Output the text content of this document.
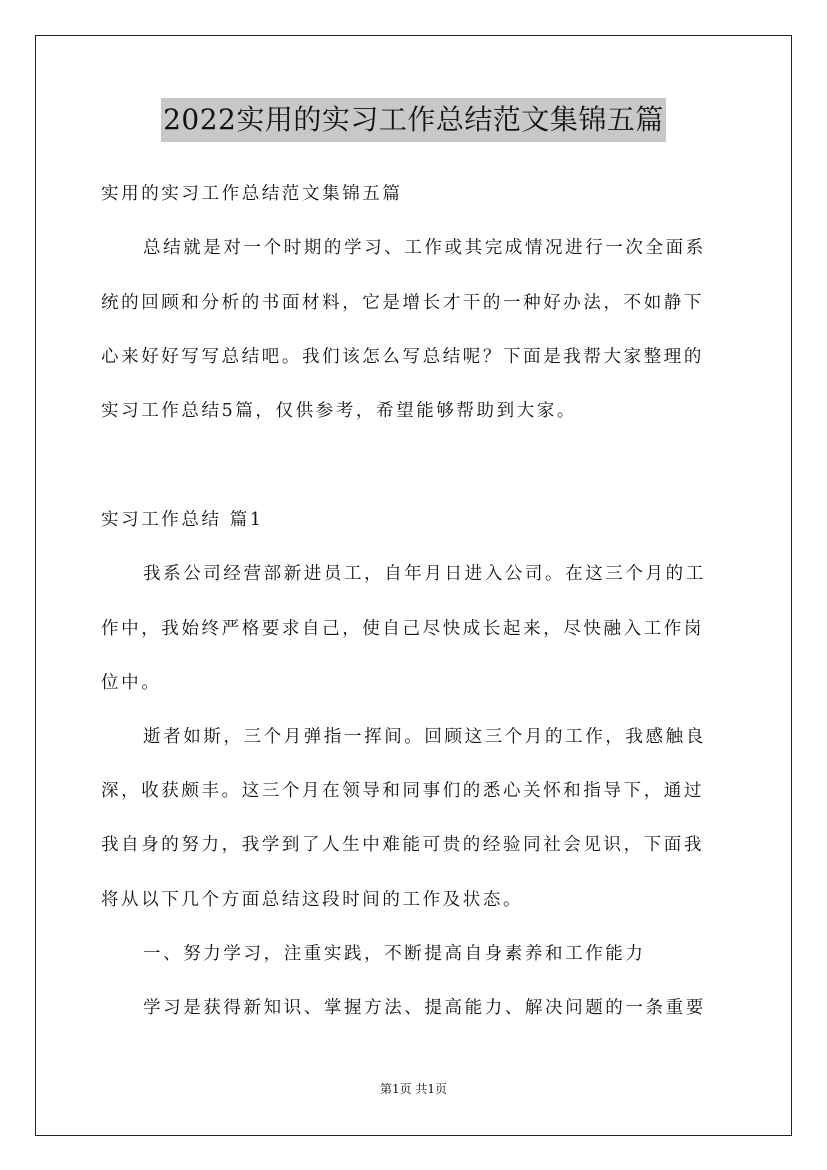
2022实用的实习工作总结范文集锦五篇
实用的实习工作总结范文集锦五篇
总结就是对一个时期的学习、工作或其完成情况进行一次全面系
统的回顾和分析的书面材料，它是增长才干的一种好办法，不如静下
心来好好写写总结吧。我们该怎么写总结呢？下面是我帮大家整理的
实习工作总结5篇，仅供参考，希望能够帮助到大家。
实习工作总结 篇1
我系公司经营部新进员工，自年月日进入公司。在这三个月的工
作中，我始终严格要求自己，使自己尽快成长起来，尽快融入工作岗
位中。
逝者如斯，三个月弹指一挥间。回顾这三个月的工作，我感触良
深，收获颇丰。这三个月在领导和同事们的悉心关怀和指导下，通过
我自身的努力，我学到了人生中难能可贵的经验同社会见识，下面我
将从以下几个方面总结这段时间的工作及状态。
一、努力学习，注重实践，不断提高自身素养和工作能力
学习是获得新知识、掌握方法、提高能力、解决问题的一条重要
第1页 共1页
